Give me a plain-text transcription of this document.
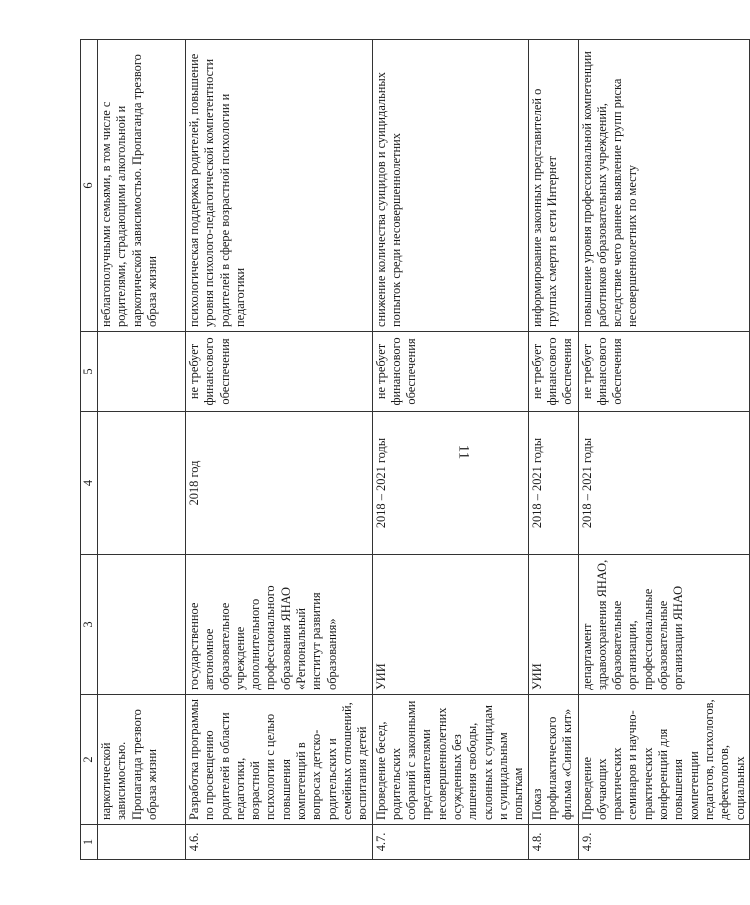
11
1	2	3	4	5	6
	наркотической зависимостью. Пропаганда трезвого образа жизни				неблагополучными семьями, в том числе с родителями, страдающими алкогольной и наркотической зависимостью. Пропаганда трезвого образа жизни
4.6.	Разработка программы по просвещению родителей в области педагогики, возрастной психологии с целью повышения компетенций в вопросах детско-родительских и семейных отношений, воспитания детей	государственное автономное образовательное учреждение дополнительного профессионального образования ЯНАО «Региональный институт развития образования»	2018 год	не требует финансового обеспечения	психологическая поддержка родителей, повышение уровня психолого-педагогической компетентности родителей в сфере возрастной психологии и педагогики
4.7.	Проведение бесед, родительских собраний с законными представителями несовершеннолетних осужденных без лишения свободы, склонных к суицидам и суицидальным попыткам	УИИ	2018 – 2021 годы	не требует финансового обеспечения	снижение количества суицидов и суицидальных попыток среди несовершеннолетних
4.8.	Показ профилактического фильма «Синий кит»	УИИ	2018 – 2021 годы	не требует финансового обеспечения	информирование законных представителей о группах смерти в сети Интернет
4.9.	Проведение обучающих практических семинаров и научно-практических конференций для повышения компетенции педагогов, психологов, дефектологов, социальных	департамент здравоохранения ЯНАО, образовательные организации, профессиональные образовательные организации ЯНАО	2018 – 2021 годы	не требует финансового обеспечения	повышение уровня профессиональной компетенции работников образовательных учреждений, вследствие чего раннее выявление групп риска несовершеннолетних по месту
